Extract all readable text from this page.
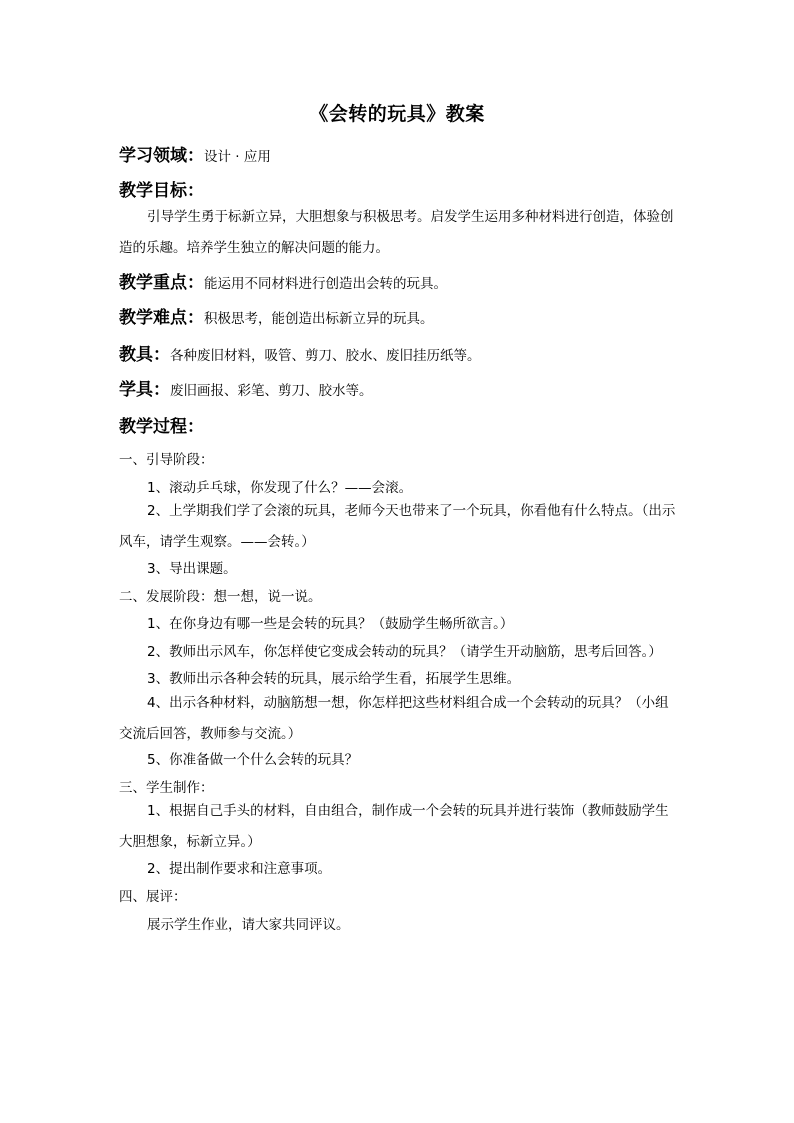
《会转的玩具》教案
学习领域：设计 · 应用
教学目标：
引导学生勇于标新立异，大胆想象与积极思考。启发学生运用多种材料进行创造，体验创造的乐趣。培养学生独立的解决问题的能力。
教学重点：能运用不同材料进行创造出会转的玩具。
教学难点：积极思考，能创造出标新立异的玩具。
教具：各种废旧材料，吸管、剪刀、胶水、废旧挂历纸等。
学具：废旧画报、彩笔、剪刀、胶水等。
教学过程：
一、引导阶段：
1、滚动乒乓球，你发现了什么？——会滚。
2、上学期我们学了会滚的玩具，老师今天也带来了一个玩具，你看他有什么特点。（出示风车，请学生观察。——会转。）
3、导出课题。
二、发展阶段：想一想，说一说。
1、在你身边有哪一些是会转的玩具？（鼓励学生畅所欲言。）
2、教师出示风车，你怎样使它变成会转动的玩具？（请学生开动脑筋，思考后回答。）
3、教师出示各种会转的玩具，展示给学生看，拓展学生思维。
4、出示各种材料，动脑筋想一想，你怎样把这些材料组合成一个会转动的玩具？（小组交流后回答，教师参与交流。）
5、你准备做一个什么会转的玩具？
三、学生制作：
1、根据自己手头的材料，自由组合，制作成一个会转的玩具并进行装饰（教师鼓励学生大胆想象，标新立异。）
2、提出制作要求和注意事项。
四、展评：
展示学生作业，请大家共同评议。
